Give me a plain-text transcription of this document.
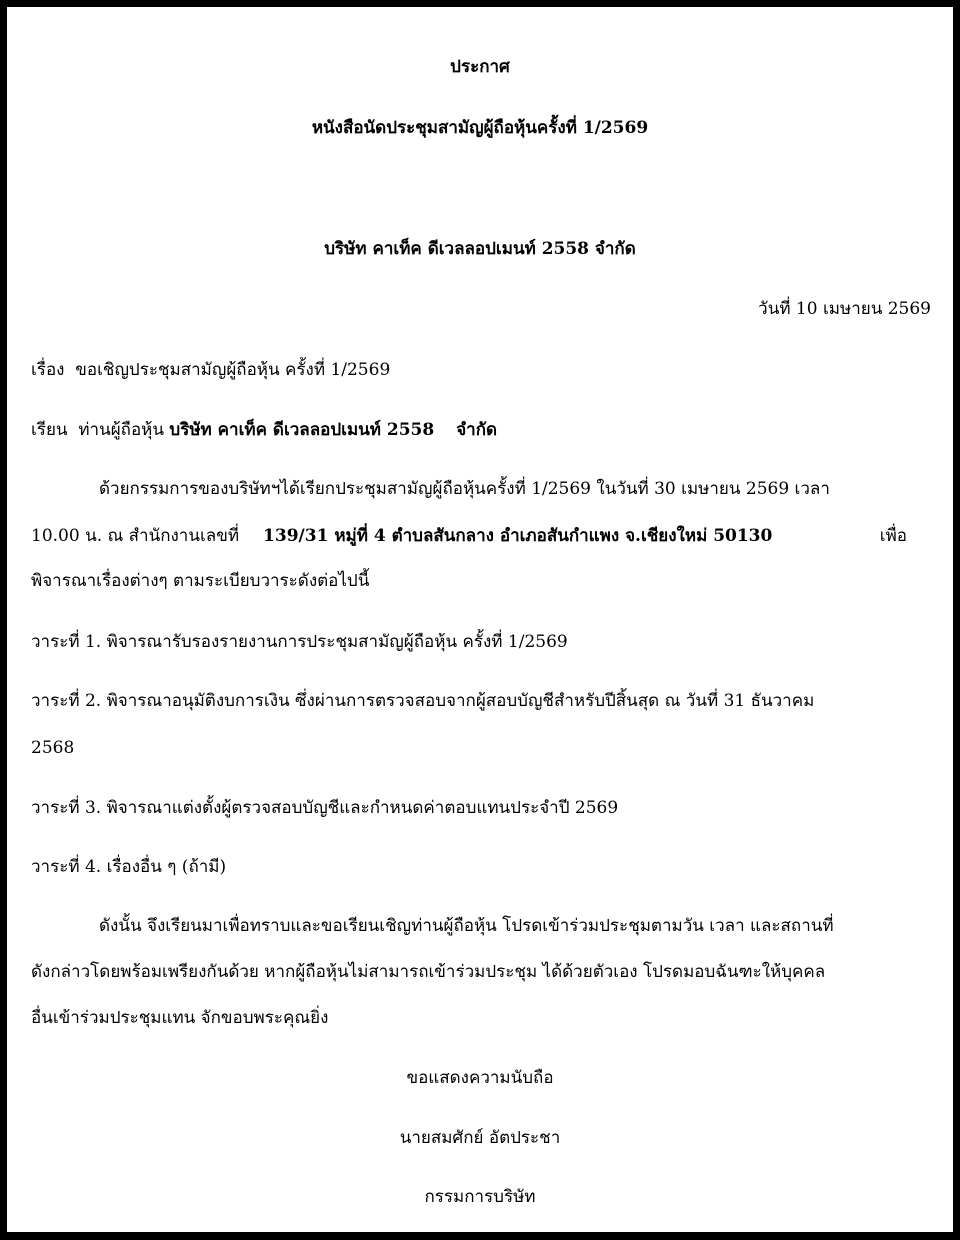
ประกาศ
หนังสือนัดประชุมสามัญผู้ถือหุ้นครั้งที่ 1/2569
บริษัท คาเท็ค ดีเวลลอปเมนท์ 2558 จำกัด
วันที่ 10 เมษายน 2569
เรื่อง ขอเชิญประชุมสามัญผู้ถือหุ้น ครั้งที่ 1/2569
เรียน ท่านผู้ถือหุ้น บริษัท คาเท็ค ดีเวลลอปเมนท์ 2558 จำกัด
ด้วยกรรมการของบริษัทฯได้เรียกประชุมสามัญผู้ถือหุ้นครั้งที่ 1/2569 ในวันที่ 30 เมษายน 2569 เวลา
10.00 น. ณ สำนักงานเลขที่ 139/31 หมู่ที่ 4 ตำบลสันกลาง อำเภอสันกำแพง จ.เชียงใหม่ 50130	เพื่อ
พิจารณาเรื่องต่างๆ ตามระเบียบวาระดังต่อไปนี้
วาระที่ 1. พิจารณารับรองรายงานการประชุมสามัญผู้ถือหุ้น ครั้งที่ 1/2569
วาระที่ 2. พิจารณาอนุมัติงบการเงิน ซึ่งผ่านการตรวจสอบจากผู้สอบบัญชีสำหรับปีสิ้นสุด ณ วันที่ 31 ธันวาคม
2568
วาระที่ 3. พิจารณาแต่งตั้งผู้ตรวจสอบบัญชีและกำหนดค่าตอบแทนประจำปี 2569
วาระที่ 4. เรื่องอื่น ๆ (ถ้ามี)
ดังนั้น จึงเรียนมาเพื่อทราบและขอเรียนเชิญท่านผู้ถือหุ้น โปรดเข้าร่วมประชุมตามวัน เวลา และสถานที่
ดังกล่าวโดยพร้อมเพรียงกันด้วย หากผู้ถือหุ้นไม่สามารถเข้าร่วมประชุม ได้ด้วยตัวเอง โปรดมอบฉันฑะให้บุคคล
อื่นเข้าร่วมประชุมแทน จักขอบพระคุณยิ่ง
ขอแสดงความนับถือ
นายสมศักย์ อัตประชา
กรรมการบริษัท
